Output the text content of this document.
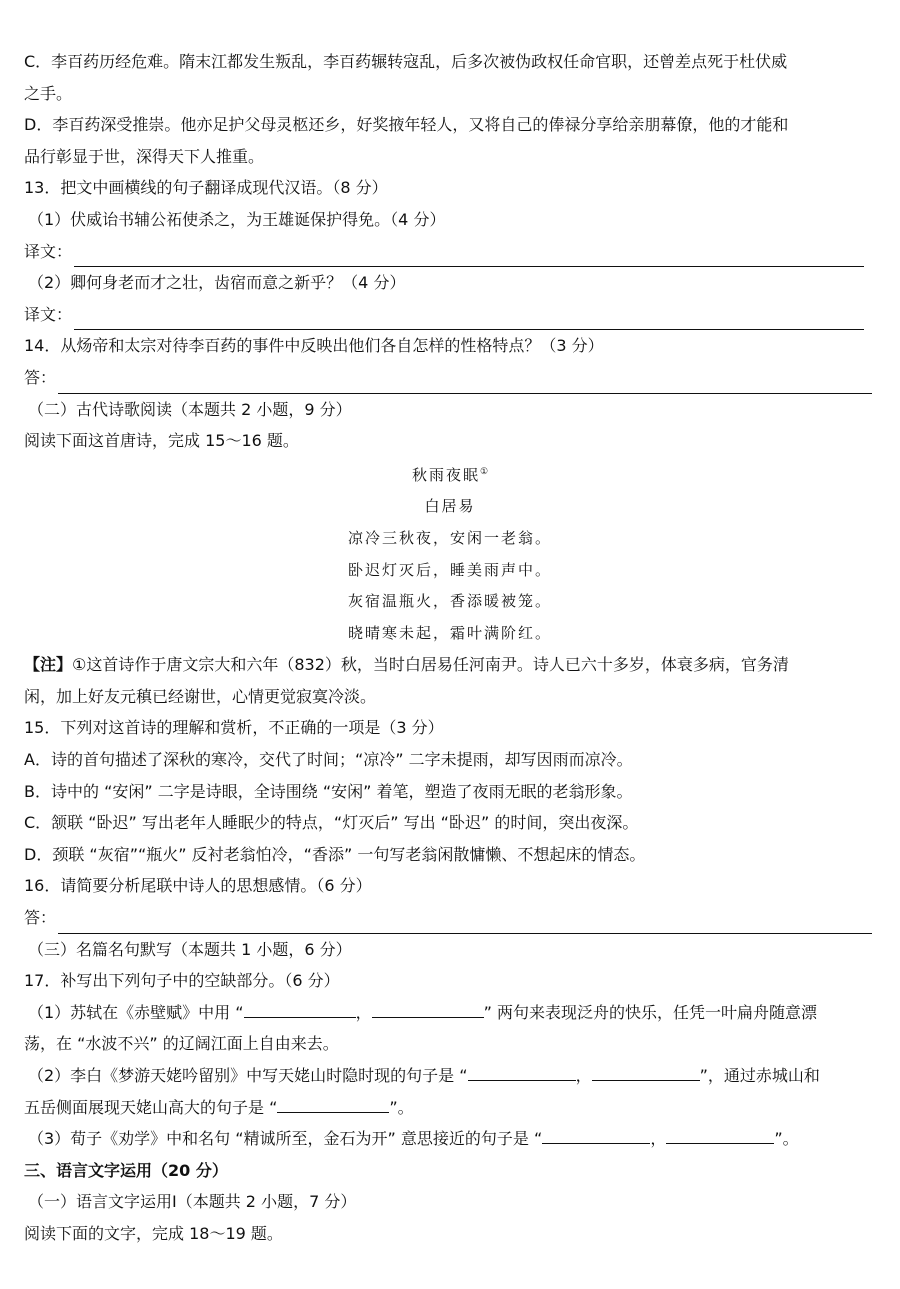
C．李百药历经危难。隋末江都发生叛乱，李百药辗转寇乱，后多次被伪政权任命官职，还曾差点死于杜伏威
之手。
D．李百药深受推崇。他亦足护父母灵柩还乡，好奖掖年轻人，又将自己的俸禄分享给亲朋幕僚，他的才能和
品行彰显于世，深得天下人推重。
13．把文中画横线的句子翻译成现代汉语。（8 分）
（1）伏威诒书辅公祏使杀之，为王雄诞保护得免。（4 分）
译文：
（2）卿何身老而才之壮，齿宿而意之新乎？（4 分）
译文：
14．从炀帝和太宗对待李百药的事件中反映出他们各自怎样的性格特点？（3 分）
答：
（二）古代诗歌阅读（本题共 2 小题，9 分）
阅读下面这首唐诗，完成 15～16 题。
秋雨夜眠①
白居易
凉冷三秋夜，安闲一老翁。
卧迟灯灭后，睡美雨声中。
灰宿温瓶火，香添暖被笼。
晓晴寒未起，霜叶满阶红。
【注】①这首诗作于唐文宗大和六年（832）秋，当时白居易任河南尹。诗人已六十多岁，体衰多病，官务清
闲，加上好友元稹已经谢世，心情更觉寂寞冷淡。
15．下列对这首诗的理解和赏析，不正确的一项是（3 分）
A．诗的首句描述了深秋的寒冷，交代了时间；“凉冷” 二字未提雨，却写因雨而凉冷。
B．诗中的 “安闲” 二字是诗眼，全诗围绕 “安闲” 着笔，塑造了夜雨无眠的老翁形象。
C．颔联 “卧迟” 写出老年人睡眠少的特点，“灯灭后” 写出 “卧迟” 的时间，突出夜深。
D．颈联 “灰宿”“瓶火” 反衬老翁怕冷，“香添” 一句写老翁闲散慵懒、不想起床的情态。
16．请简要分析尾联中诗人的思想感情。（6 分）
答：
（三）名篇名句默写（本题共 1 小题，6 分）
17．补写出下列句子中的空缺部分。（6 分）
（1）苏轼在《赤壁赋》中用 “	，	” 两句来表现泛舟的快乐，任凭一叶扁舟随意漂
荡，在 “水波不兴” 的辽阔江面上自由来去。
（2）李白《梦游天姥吟留别》中写天姥山时隐时现的句子是 “	，	”，通过赤城山和
五岳侧面展现天姥山高大的句子是 “	”。
（3）荀子《劝学》中和名句 “精诚所至，金石为开” 意思接近的句子是 “	，	”。
三、语言文字运用（20 分）
（一）语言文字运用Ⅰ（本题共 2 小题，7 分）
阅读下面的文字，完成 18～19 题。
